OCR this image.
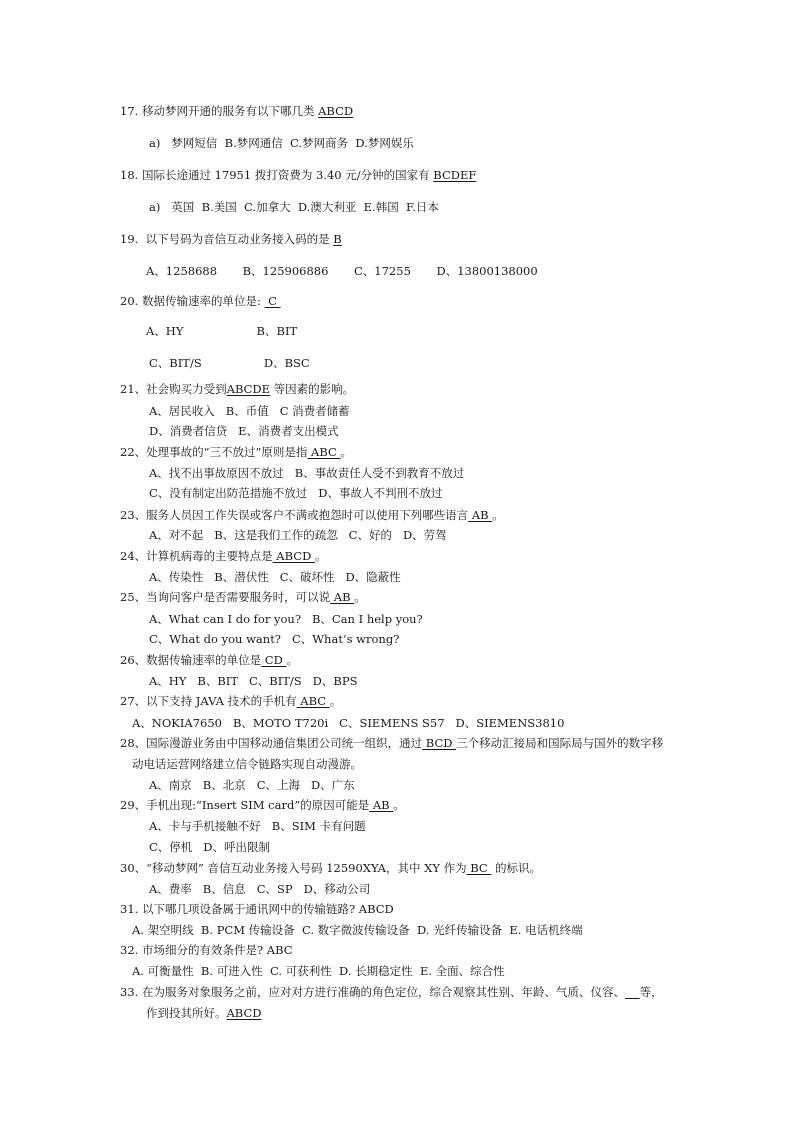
17. 移动梦网开通的服务有以下哪几类 ABCD
a)   梦网短信  B.梦网通信  C.梦网商务  D.梦网娱乐
18. 国际长途通过 17951 拨打资费为 3.40 元/分钟的国家有 BCDEF
a)   英国  B.美国  C.加拿大  D.澳大利亚  E.韩国  F.日本
19.  以下号码为音信互动业务接入码的是 B
A、1258688       B、125906886       C、17255       D、13800138000
20. 数据传输速率的单位是:  C
A、HY                    B、BIT
C、BIT/S                 D、BSC
21、社会购买力受到ABCDE 等因素的影响。
A、居民收入   B、币值   C 消费者储蓄
D、消费者信贷   E、消费者支出模式
22、处理事故的“三不放过”原则是指 ABC 。
A、找不出事故原因不放过   B、事故责任人受不到教育不放过
C、没有制定出防范措施不放过   D、事故人不判刑不放过
23、服务人员因工作失误或客户不满或抱怨时可以使用下列哪些语言 AB 。
A、对不起   B、这是我们工作的疏忽   C、好的   D、劳驾
24、计算机病毒的主要特点是 ABCD 。
A、传染性   B、潜伏性   C、破坏性   D、隐蔽性
25、当询问客户是否需要服务时，可以说 AB 。
A、What can I do for you?   B、Can I help you?
C、What do you want?   C、What’s wrong?
26、数据传输速率的单位是 CD 。
A、HY   B、BIT   C、BIT/S   D、BPS
27、以下支持 JAVA 技术的手机有 ABC 。
A、NOKIA7650   B、MOTO T720i   C、SIEMENS S57   D、SIEMENS3810
28、国际漫游业务由中国移动通信集团公司统一组织，通过 BCD 三个移动汇接局和国际局与国外的数字移
动电话运营网络建立信令链路实现自动漫游。
A、南京   B、北京   C、上海   D、广东
29、手机出现:“Insert SIM card”的原因可能是 AB 。
A、卡与手机接触不好   B、SIM 卡有问题
C、停机   D、呼出限制
30、“移动梦网” 音信互动业务接入号码 12590XYA，其中 XY 作为 BC  的标识。
A、费率   B、信息   C、SP   D、移动公司
31. 以下哪几项设备属于通讯网中的传输链路? ABCD
A. 架空明线  B. PCM 传输设备  C. 数字微波传输设备  D. 光纤传输设备  E. 电话机终端
32. 市场细分的有效条件是? ABC
A. 可衡量性  B. 可进入性  C. 可获利性  D. 长期稳定性  E. 全面、综合性
33. 在为服务对象服务之前，应对对方进行准确的角色定位，综合观察其性别、年龄、气质、仪容、 等，
作到投其所好。ABCD
